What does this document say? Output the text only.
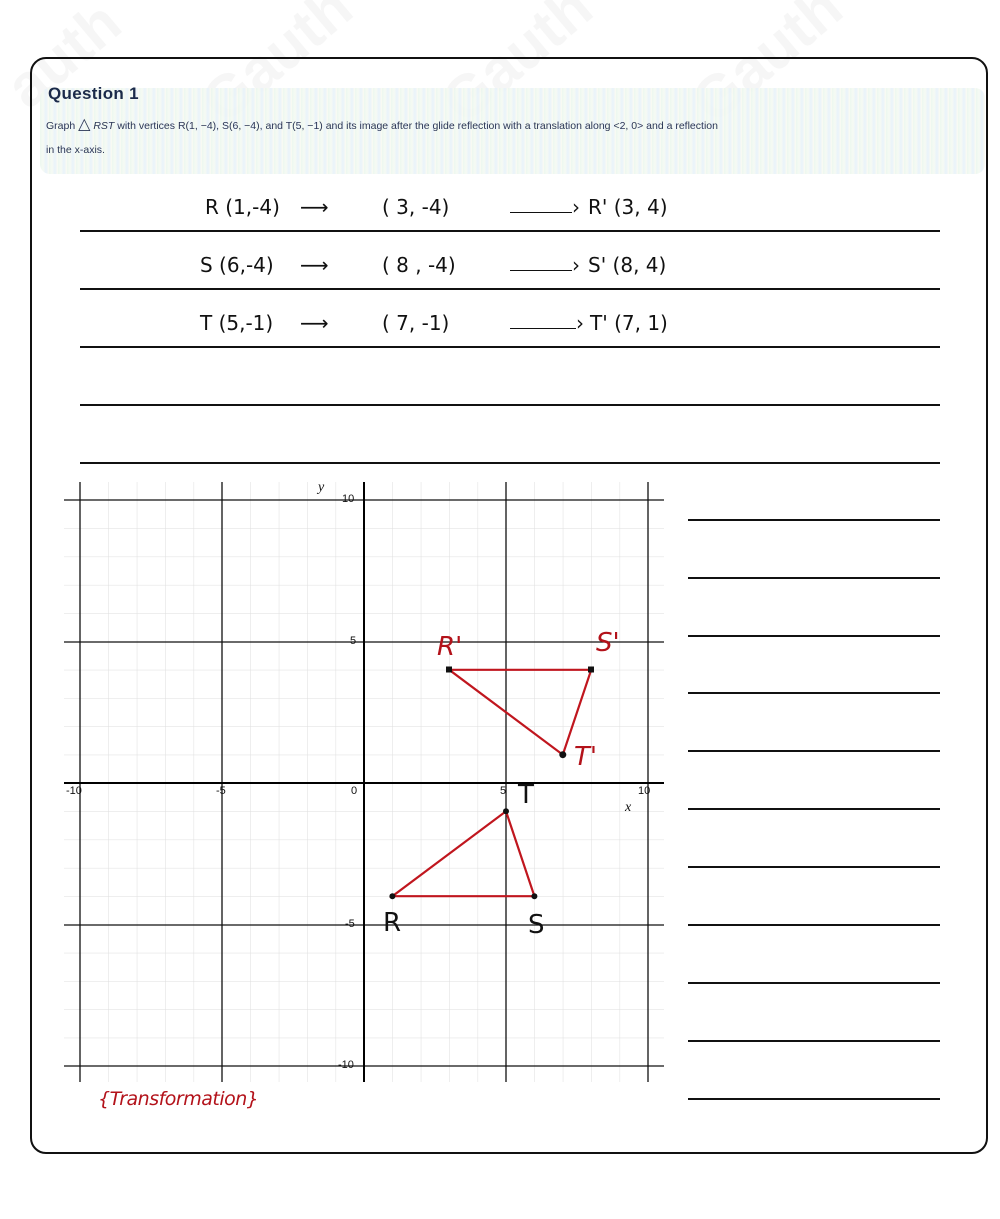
Question 1
Graph △ RST with vertices R(1, −4), S(6, −4), and T(5, −1) and its image after the glide reflection with a translation along <2, 0> and a reflection
in the x-axis.
R (1,-4) ⟶	( 3, -4)	› R' (3, 4)
S (6,-4) ⟶	( 8 , -4)	› S' (8, 4)
T (5,-1) ⟶	( 7, -1)	› T' (7, 1)
-10	-5	0	5	10
x
10
5
-5
-10
y
R	S
T
R'	S'
T'
{Transformation}
